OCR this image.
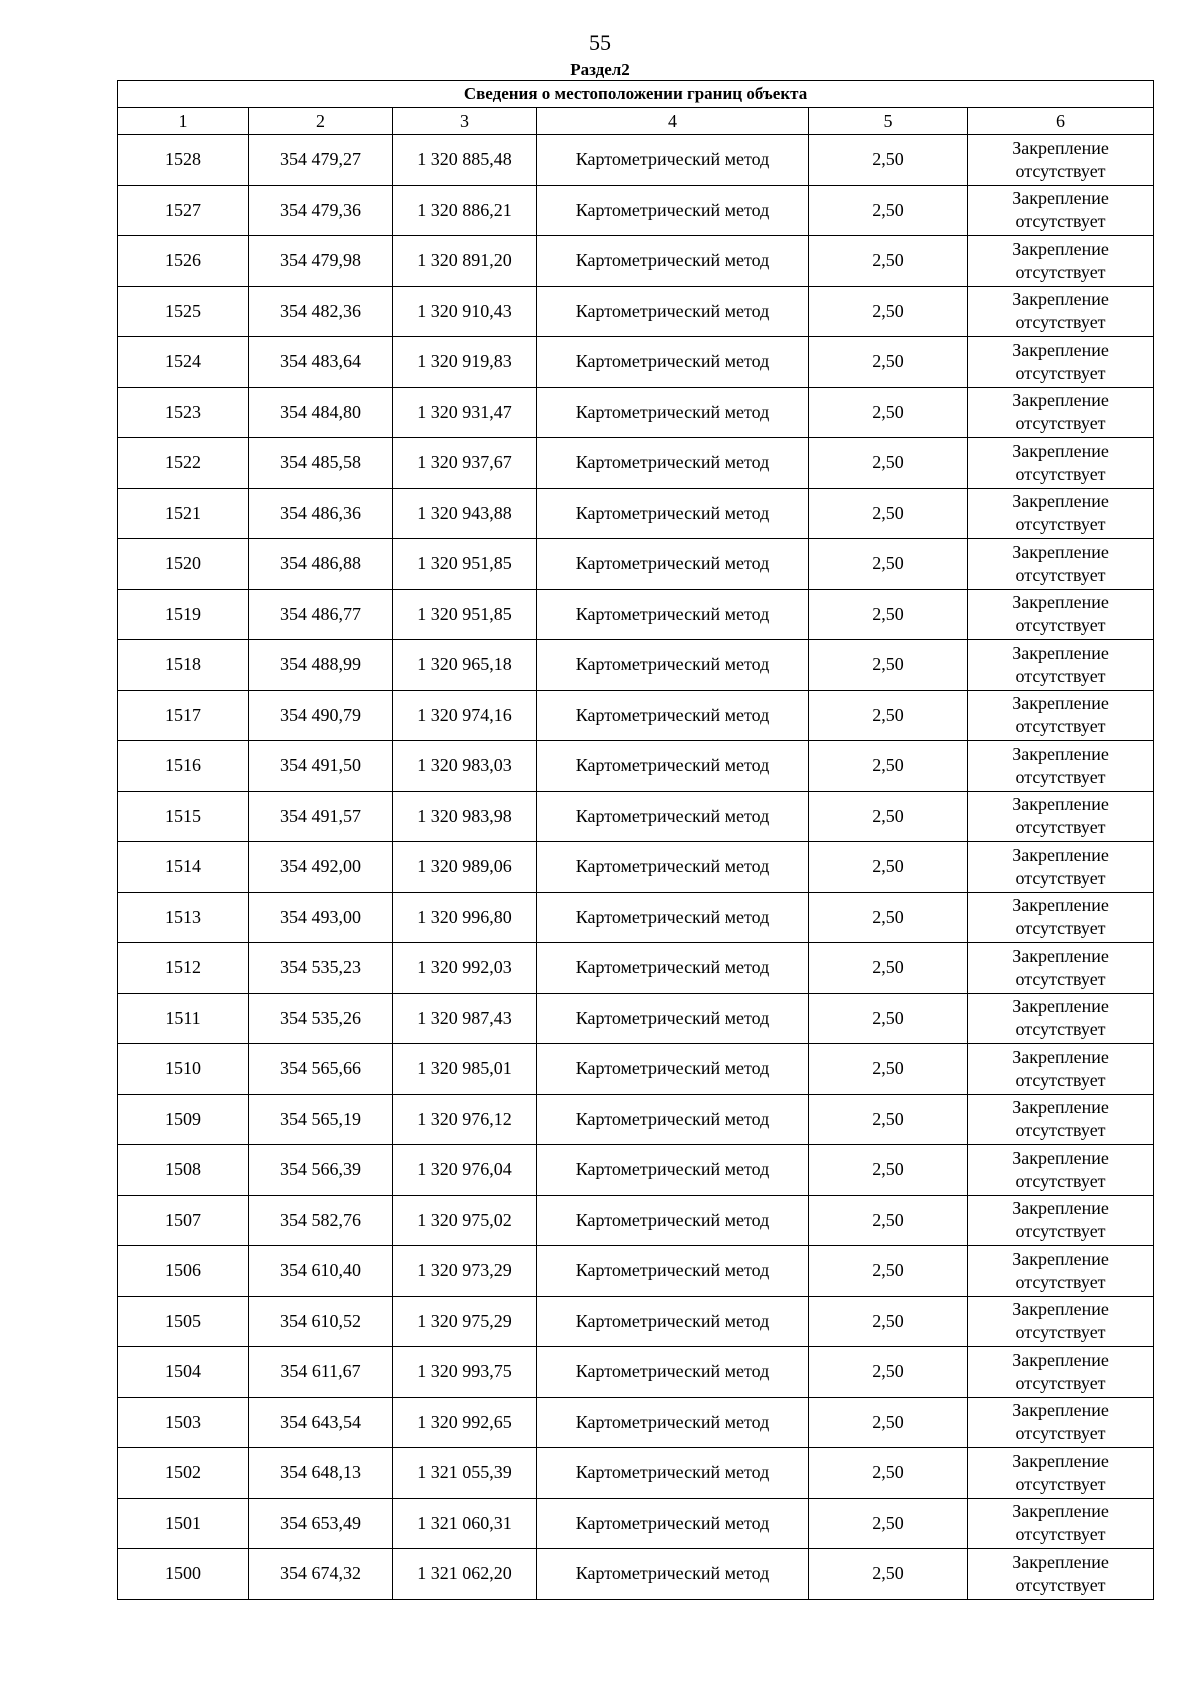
55
Раздел2
Сведения о местоположении границ объекта					
1	2	3	4	5	6
1528	354 479,27	1 320 885,48	Картометрический метод	2,50	Закрепление
отсутствует

1527	354 479,36	1 320 886,21	Картометрический метод	2,50	Закрепление
отсутствует

1526	354 479,98	1 320 891,20	Картометрический метод	2,50	Закрепление
отсутствует

1525	354 482,36	1 320 910,43	Картометрический метод	2,50	Закрепление
отсутствует

1524	354 483,64	1 320 919,83	Картометрический метод	2,50	Закрепление
отсутствует

1523	354 484,80	1 320 931,47	Картометрический метод	2,50	Закрепление
отсутствует

1522	354 485,58	1 320 937,67	Картометрический метод	2,50	Закрепление
отсутствует

1521	354 486,36	1 320 943,88	Картометрический метод	2,50	Закрепление
отсутствует

1520	354 486,88	1 320 951,85	Картометрический метод	2,50	Закрепление
отсутствует

1519	354 486,77	1 320 951,85	Картометрический метод	2,50	Закрепление
отсутствует

1518	354 488,99	1 320 965,18	Картометрический метод	2,50	Закрепление
отсутствует

1517	354 490,79	1 320 974,16	Картометрический метод	2,50	Закрепление
отсутствует

1516	354 491,50	1 320 983,03	Картометрический метод	2,50	Закрепление
отсутствует

1515	354 491,57	1 320 983,98	Картометрический метод	2,50	Закрепление
отсутствует

1514	354 492,00	1 320 989,06	Картометрический метод	2,50	Закрепление
отсутствует

1513	354 493,00	1 320 996,80	Картометрический метод	2,50	Закрепление
отсутствует

1512	354 535,23	1 320 992,03	Картометрический метод	2,50	Закрепление
отсутствует

1511	354 535,26	1 320 987,43	Картометрический метод	2,50	Закрепление
отсутствует

1510	354 565,66	1 320 985,01	Картометрический метод	2,50	Закрепление
отсутствует

1509	354 565,19	1 320 976,12	Картометрический метод	2,50	Закрепление
отсутствует

1508	354 566,39	1 320 976,04	Картометрический метод	2,50	Закрепление
отсутствует

1507	354 582,76	1 320 975,02	Картометрический метод	2,50	Закрепление
отсутствует

1506	354 610,40	1 320 973,29	Картометрический метод	2,50	Закрепление
отсутствует

1505	354 610,52	1 320 975,29	Картометрический метод	2,50	Закрепление
отсутствует

1504	354 611,67	1 320 993,75	Картометрический метод	2,50	Закрепление
отсутствует

1503	354 643,54	1 320 992,65	Картометрический метод	2,50	Закрепление
отсутствует

1502	354 648,13	1 321 055,39	Картометрический метод	2,50	Закрепление
отсутствует

1501	354 653,49	1 321 060,31	Картометрический метод	2,50	Закрепление
отсутствует

1500	354 674,32	1 321 062,20	Картометрический метод	2,50	Закрепление
отсутствует
